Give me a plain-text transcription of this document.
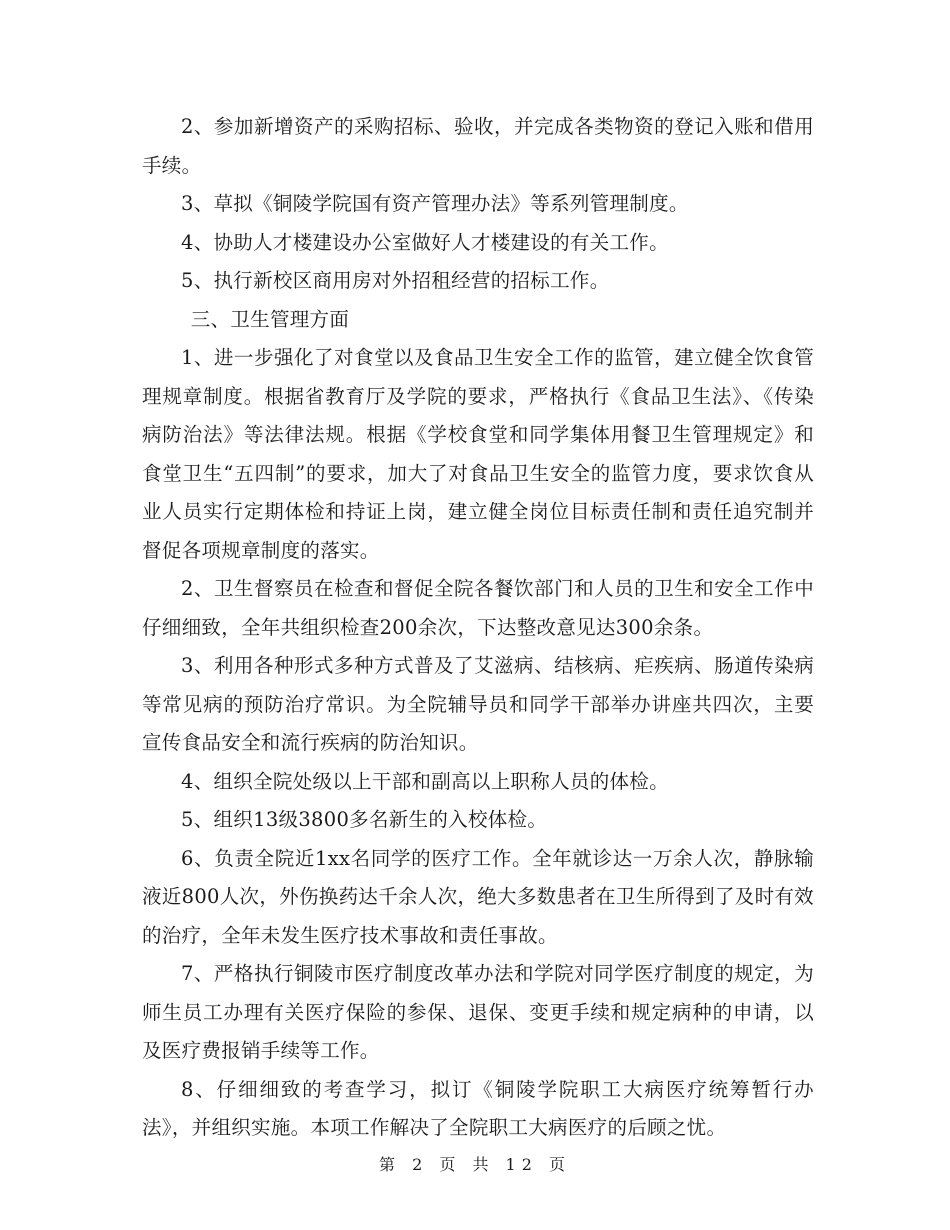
2、参加新增资产的采购招标、验收，并完成各类物资的登记入账和借用手续。

3、草拟《铜陵学院国有资产管理办法》等系列管理制度。

4、协助人才楼建设办公室做好人才楼建设的有关工作。

5、执行新校区商用房对外招租经营的招标工作。

三、卫生管理方面

1、进一步强化了对食堂以及食品卫生安全工作的监管，建立健全饮食管理规章制度。根据省教育厅及学院的要求，严格执行《食品卫生法》、《传染病防治法》等法律法规。根据《学校食堂和同学集体用餐卫生管理规定》和食堂卫生“五四制”的要求，加大了对食品卫生安全的监管力度，要求饮食从业人员实行定期体检和持证上岗，建立健全岗位目标责任制和责任追究制并督促各项规章制度的落实。

2、卫生督察员在检查和督促全院各餐饮部门和人员的卫生和安全工作中仔细细致，全年共组织检查200余次，下达整改意见达300余条。

3、利用各种形式多种方式普及了艾滋病、结核病、疟疾病、肠道传染病等常见病的预防治疗常识。为全院辅导员和同学干部举办讲座共四次，主要宣传食品安全和流行疾病的防治知识。

4、组织全院处级以上干部和副高以上职称人员的体检。

5、组织13级3800多名新生的入校体检。

6、负责全院近1xx名同学的医疗工作。全年就诊达一万余人次，静脉输液近800人次，外伤换药达千余人次，绝大多数患者在卫生所得到了及时有效的治疗，全年未发生医疗技术事故和责任事故。

7、严格执行铜陵市医疗制度改革办法和学院对同学医疗制度的规定，为师生员工办理有关医疗保险的参保、退保、变更手续和规定病种的申请，以及医疗费报销手续等工作。

8、仔细细致的考查学习，拟订《铜陵学院职工大病医疗统筹暂行办法》，并组织实施。本项工作解决了全院职工大病医疗的后顾之忧。

第 2 页 共 12 页
